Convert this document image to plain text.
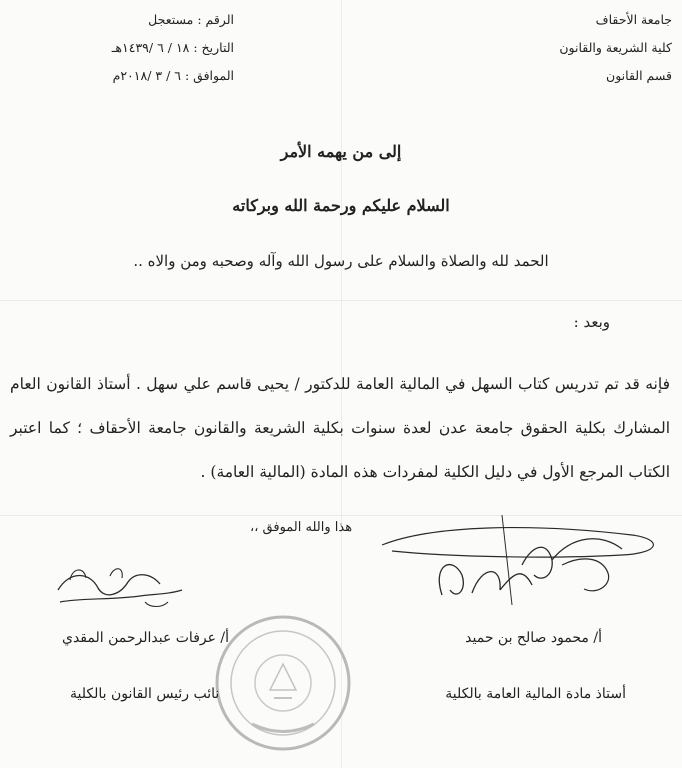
جامعة الأحقاف
كلية الشريعة والقانون
قسم القانون
الرقم : مستعجل
التاريخ : ١٨ / ٦ /١٤٣٩هـ
الموافق : ٦ / ٣ /٢٠١٨م
إلى من يهمه الأمر
السلام عليكم ورحمة الله وبركاته
الحمد لله والصلاة والسلام على رسول الله وآله وصحبه ومن والاه ..
وبعد :
فإنه قد تم تدريس كتاب السهل في المالية العامة للدكتور / يحيى قاسم علي سهل . أستاذ القانون العام المشارك بكلية الحقوق جامعة عدن لعدة سنوات بكلية الشريعة والقانون جامعة الأحقاف ؛ كما اعتبر الكتاب المرجع الأول في دليل الكلية لمفردات هذه المادة (المالية العامة) .
هذا والله الموفق ،،
أ/ محمود صالح بن حميد
أستاذ مادة المالية العامة بالكلية
أ/ عرفات عبدالرحمن المقدي
نائب رئيس القانون بالكلية
